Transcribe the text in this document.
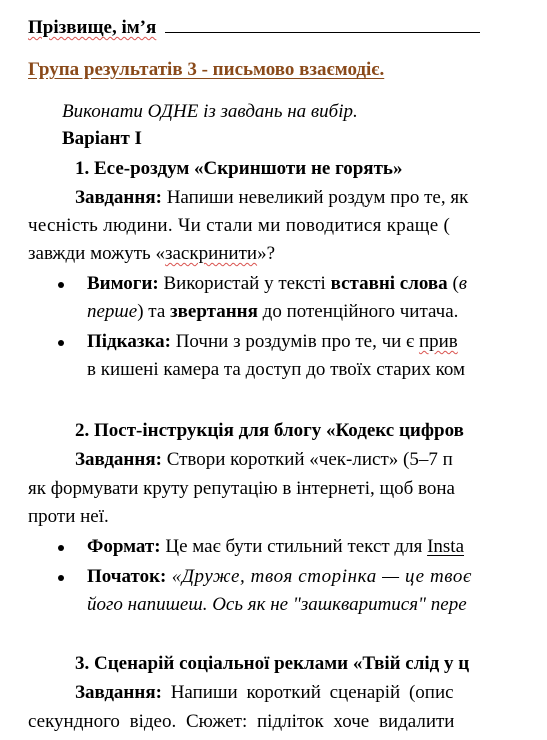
Прізвище, ім’я
Група результатів 3 - письмово взаємодіє.
Виконати ОДНЕ із завдань на вибір.
Варіант I
1. Есе-роздум «Скриншоти не горять»
Завдання: Напиши невеликий роздум про те, як
чесність людини. Чи стали ми поводитися краще (
завжди можуть «заскринити»?
Вимоги: Використай у тексті вставні слова (в
перше) та звертання до потенційного читача.
Підказка: Почни з роздумів про те, чи є прив
в кишені камера та доступ до твоїх старих ком
2. Пост-інструкція для блогу «Кодекс цифров
Завдання: Створи короткий «чек-лист» (5–7 п
як формувати круту репутацію в інтернеті, щоб вона
проти неї.
Формат: Це має бути стильний текст для Insta
Початок: «Друже, твоя сторінка — це твоє
його напишеш. Ось як не "зашкваритися" пере
3. Сценарій соціальної реклами «Твій слід у ц
Завдання: Напиши короткий сценарій (опис
секундного відео. Сюжет: підліток хоче видалити
